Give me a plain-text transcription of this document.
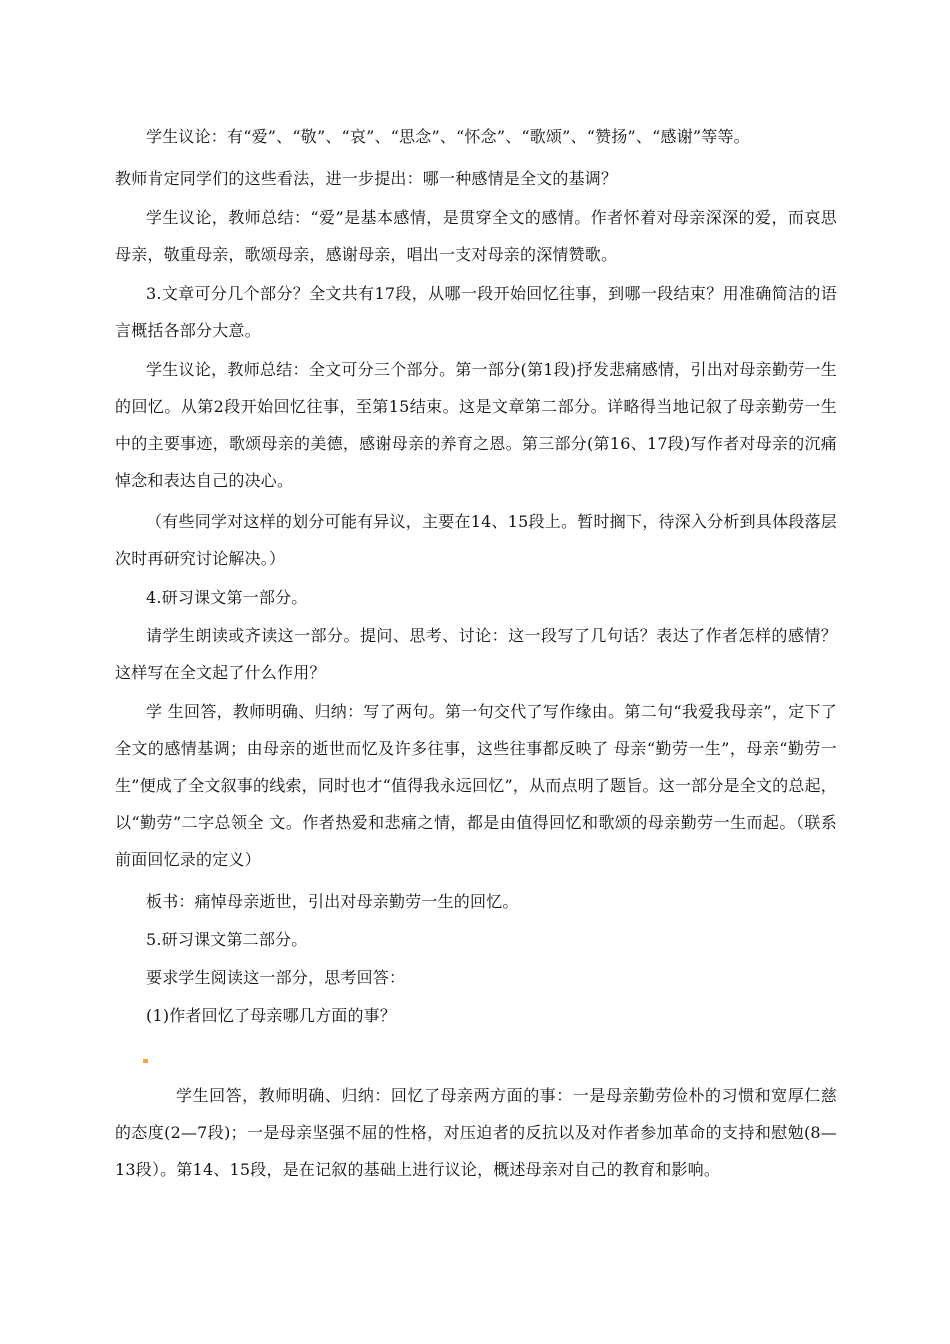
学生议论：有“爱”、“敬”、“哀”、“思念”、“怀念”、“歌颂”、“赞扬”、“感谢”等等。

教师肯定同学们的这些看法，进一步提出：哪一种感情是全文的基调？

学生议论，教师总结：“爱”是基本感情，是贯穿全文的感情。作者怀着对母亲深深的爱，而哀思母亲，敬重母亲，歌颂母亲，感谢母亲，唱出一支对母亲的深情赞歌。

3.文章可分几个部分？全文共有17段，从哪一段开始回忆往事，到哪一段结束？用准确简洁的语言概括各部分大意。

学生议论，教师总结：全文可分三个部分。第一部分(第1段)抒发悲痛感情，引出对母亲勤劳一生的回忆。从第2段开始回忆往事，至第15结束。这是文章第二部分。详略得当地记叙了母亲勤劳一生中的主要事迹，歌颂母亲的美德，感谢母亲的养育之恩。第三部分(第16、17段)写作者对母亲的沉痛悼念和表达自己的决心。

（有些同学对这样的划分可能有异议，主要在14、15段上。暂时搁下，待深入分析到具体段落层次时再研究讨论解决。）

4.研习课文第一部分。

请学生朗读或齐读这一部分。提问、思考、讨论：这一段写了几句话？表达了作者怎样的感情？这样写在全文起了什么作用？

学 生回答，教师明确、归纳：写了两句。第一句交代了写作缘由。第二句“我爱我母亲”，定下了全文的感情基调；由母亲的逝世而忆及许多往事，这些往事都反映了 母亲“勤劳一生”，母亲“勤劳一生”便成了全文叙事的线索，同时也才“值得我永远回忆”，从而点明了题旨。这一部分是全文的总起，以“勤劳”二字总领全 文。作者热爱和悲痛之情，都是由值得回忆和歌颂的母亲勤劳一生而起。（联系前面回忆录的定义）

板书：痛悼母亲逝世，引出对母亲勤劳一生的回忆。

5.研习课文第二部分。

要求学生阅读这一部分，思考回答：

(1)作者回忆了母亲哪几方面的事？

学生回答，教师明确、归纳：回忆了母亲两方面的事：一是母亲勤劳俭朴的习惯和宽厚仁慈的态度(2—7段)；一是母亲坚强不屈的性格，对压迫者的反抗以及对作者参加革命的支持和慰勉(8—13段）。第14、15段，是在记叙的基础上进行议论，概述母亲对自己的教育和影响。
